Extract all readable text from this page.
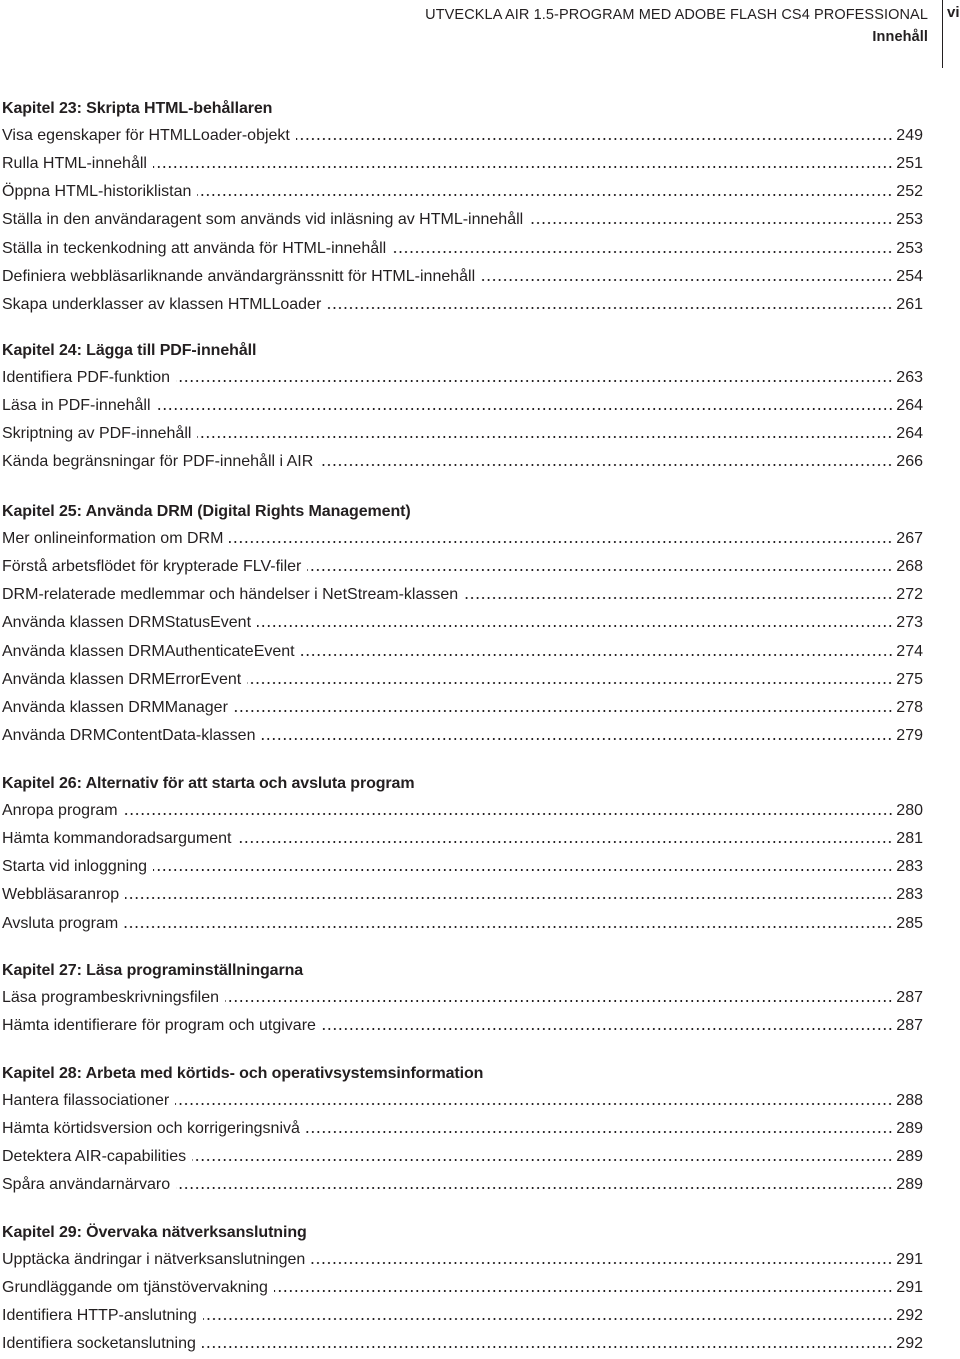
UTVECKLA AIR 1.5-PROGRAM MED ADOBE FLASH CS4 PROFESSIONAL
Innehåll
vi
Kapitel 23: Skripta HTML-behållaren
Visa egenskaper för HTMLLoader-objekt	249
Rulla HTML-innehåll	251
Öppna HTML-historiklistan	252
Ställa in den användaragent som används vid inläsning av HTML-innehåll	253
Ställa in teckenkodning att använda för HTML-innehåll	253
Definiera webbläsarliknande användargränssnitt för HTML-innehåll	254
Skapa underklasser av klassen HTMLLoader	261
Kapitel 24: Lägga till PDF-innehåll
Identifiera PDF-funktion	263
Läsa in PDF-innehåll	264
Skriptning av PDF-innehåll	264
Kända begränsningar för PDF-innehåll i AIR	266
Kapitel 25: Använda DRM (Digital Rights Management)
Mer onlineinformation om DRM	267
Förstå arbetsflödet för krypterade FLV-filer	268
DRM-relaterade medlemmar och händelser i NetStream-klassen	272
Använda klassen DRMStatusEvent	273
Använda klassen DRMAuthenticateEvent	274
Använda klassen DRMErrorEvent	275
Använda klassen DRMManager	278
Använda DRMContentData-klassen	279
Kapitel 26: Alternativ för att starta och avsluta program
Anropa program	280
Hämta kommandoradsargument	281
Starta vid inloggning	283
Webbläsaranrop	283
Avsluta program	285
Kapitel 27: Läsa programinställningarna
Läsa programbeskrivningsfilen	287
Hämta identifierare för program och utgivare	287
Kapitel 28: Arbeta med körtids- och operativsystemsinformation
Hantera filassociationer	288
Hämta körtidsversion och korrigeringsnivå	289
Detektera AIR-capabilities	289
Spåra användarnärvaro	289
Kapitel 29: Övervaka nätverksanslutning
Upptäcka ändringar i nätverksanslutningen	291
Grundläggande om tjänstövervakning	291
Identifiera HTTP-anslutning	292
Identifiera socketanslutning	292
